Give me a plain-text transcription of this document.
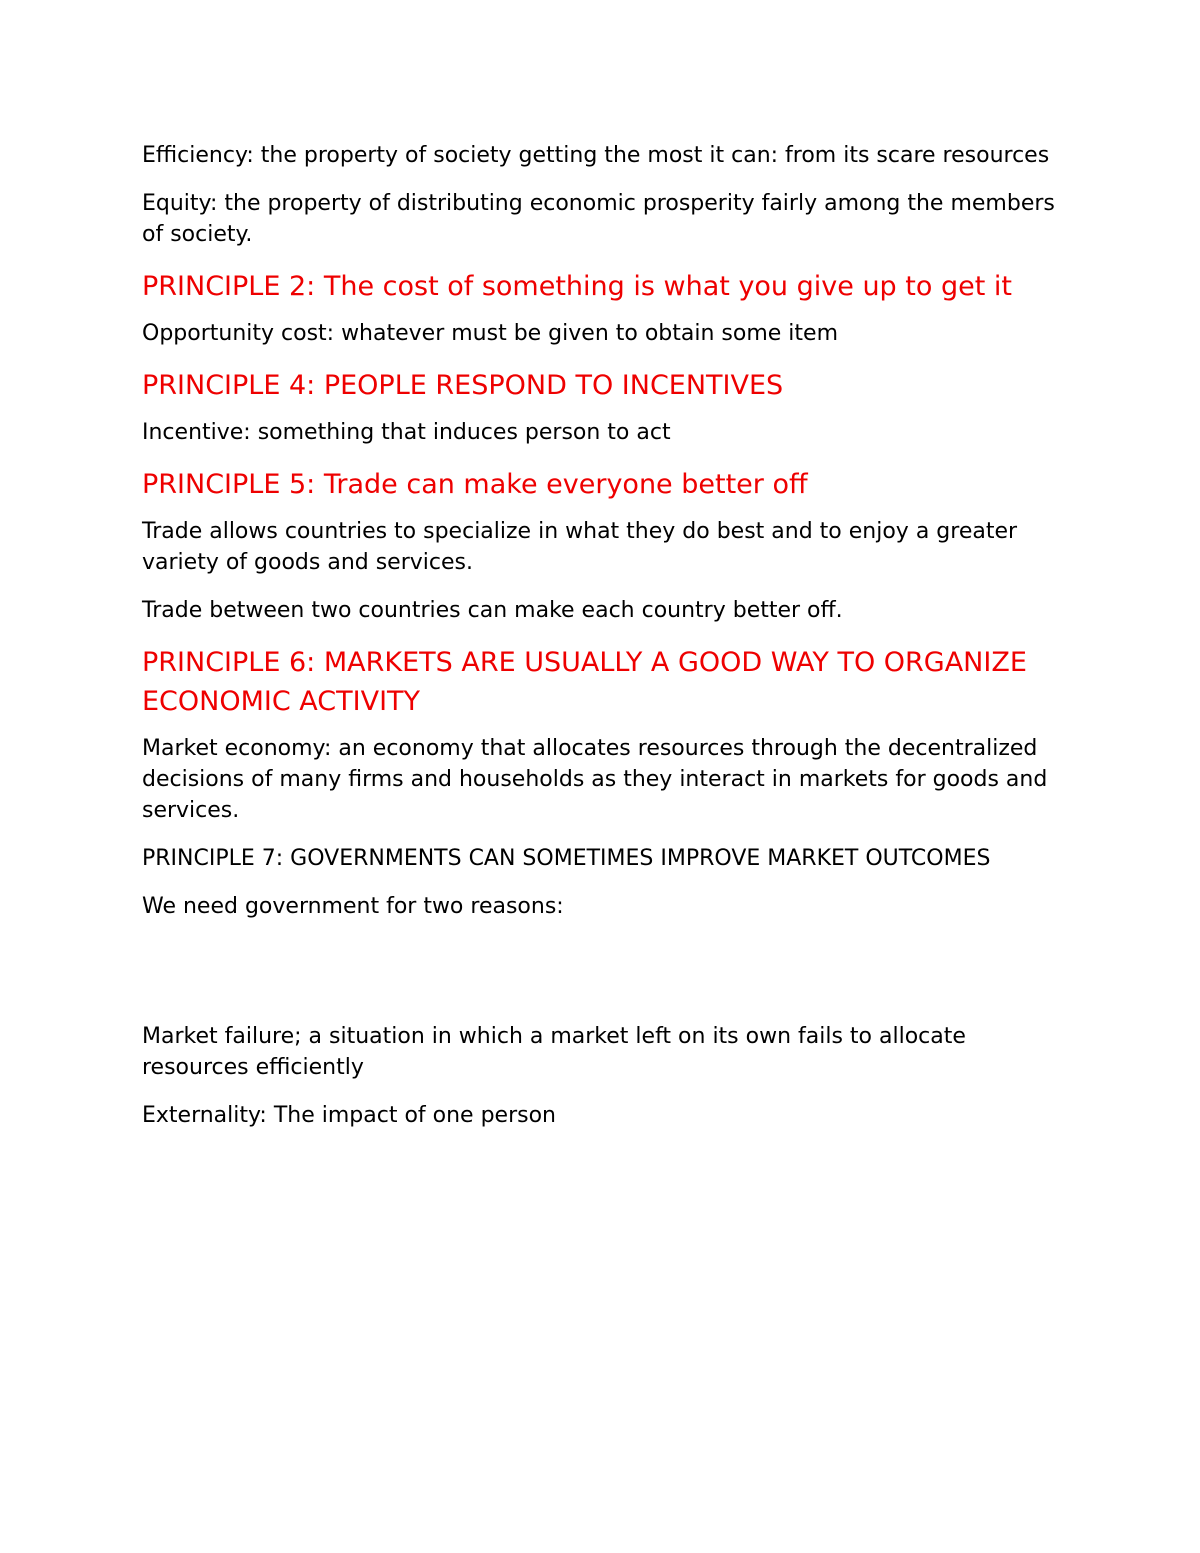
Efficiency: the property of society getting the most it can: from its scare resources

Equity: the property of distributing economic prosperity fairly among the members of society.

PRINCIPLE 2: The cost of something is what you give up to get it

Opportunity cost: whatever must be given to obtain some item

PRINCIPLE 4: PEOPLE RESPOND TO INCENTIVES

Incentive: something that induces person to act

PRINCIPLE 5: Trade can make everyone better off

Trade allows countries to specialize in what they do best and to enjoy a greater variety of goods and services.

Trade between two countries can make each country better off.

PRINCIPLE 6: MARKETS ARE USUALLY A GOOD WAY TO ORGANIZE ECONOMIC ACTIVITY

Market economy: an economy that allocates resources through the decentralized decisions of many firms and households as they interact in markets for goods and services.

PRINCIPLE 7: GOVERNMENTS CAN SOMETIMES IMPROVE MARKET OUTCOMES

We need government for two reasons:

Market failure; a situation in which a market left on its own fails to allocate resources efficiently

Externality: The impact of one person
